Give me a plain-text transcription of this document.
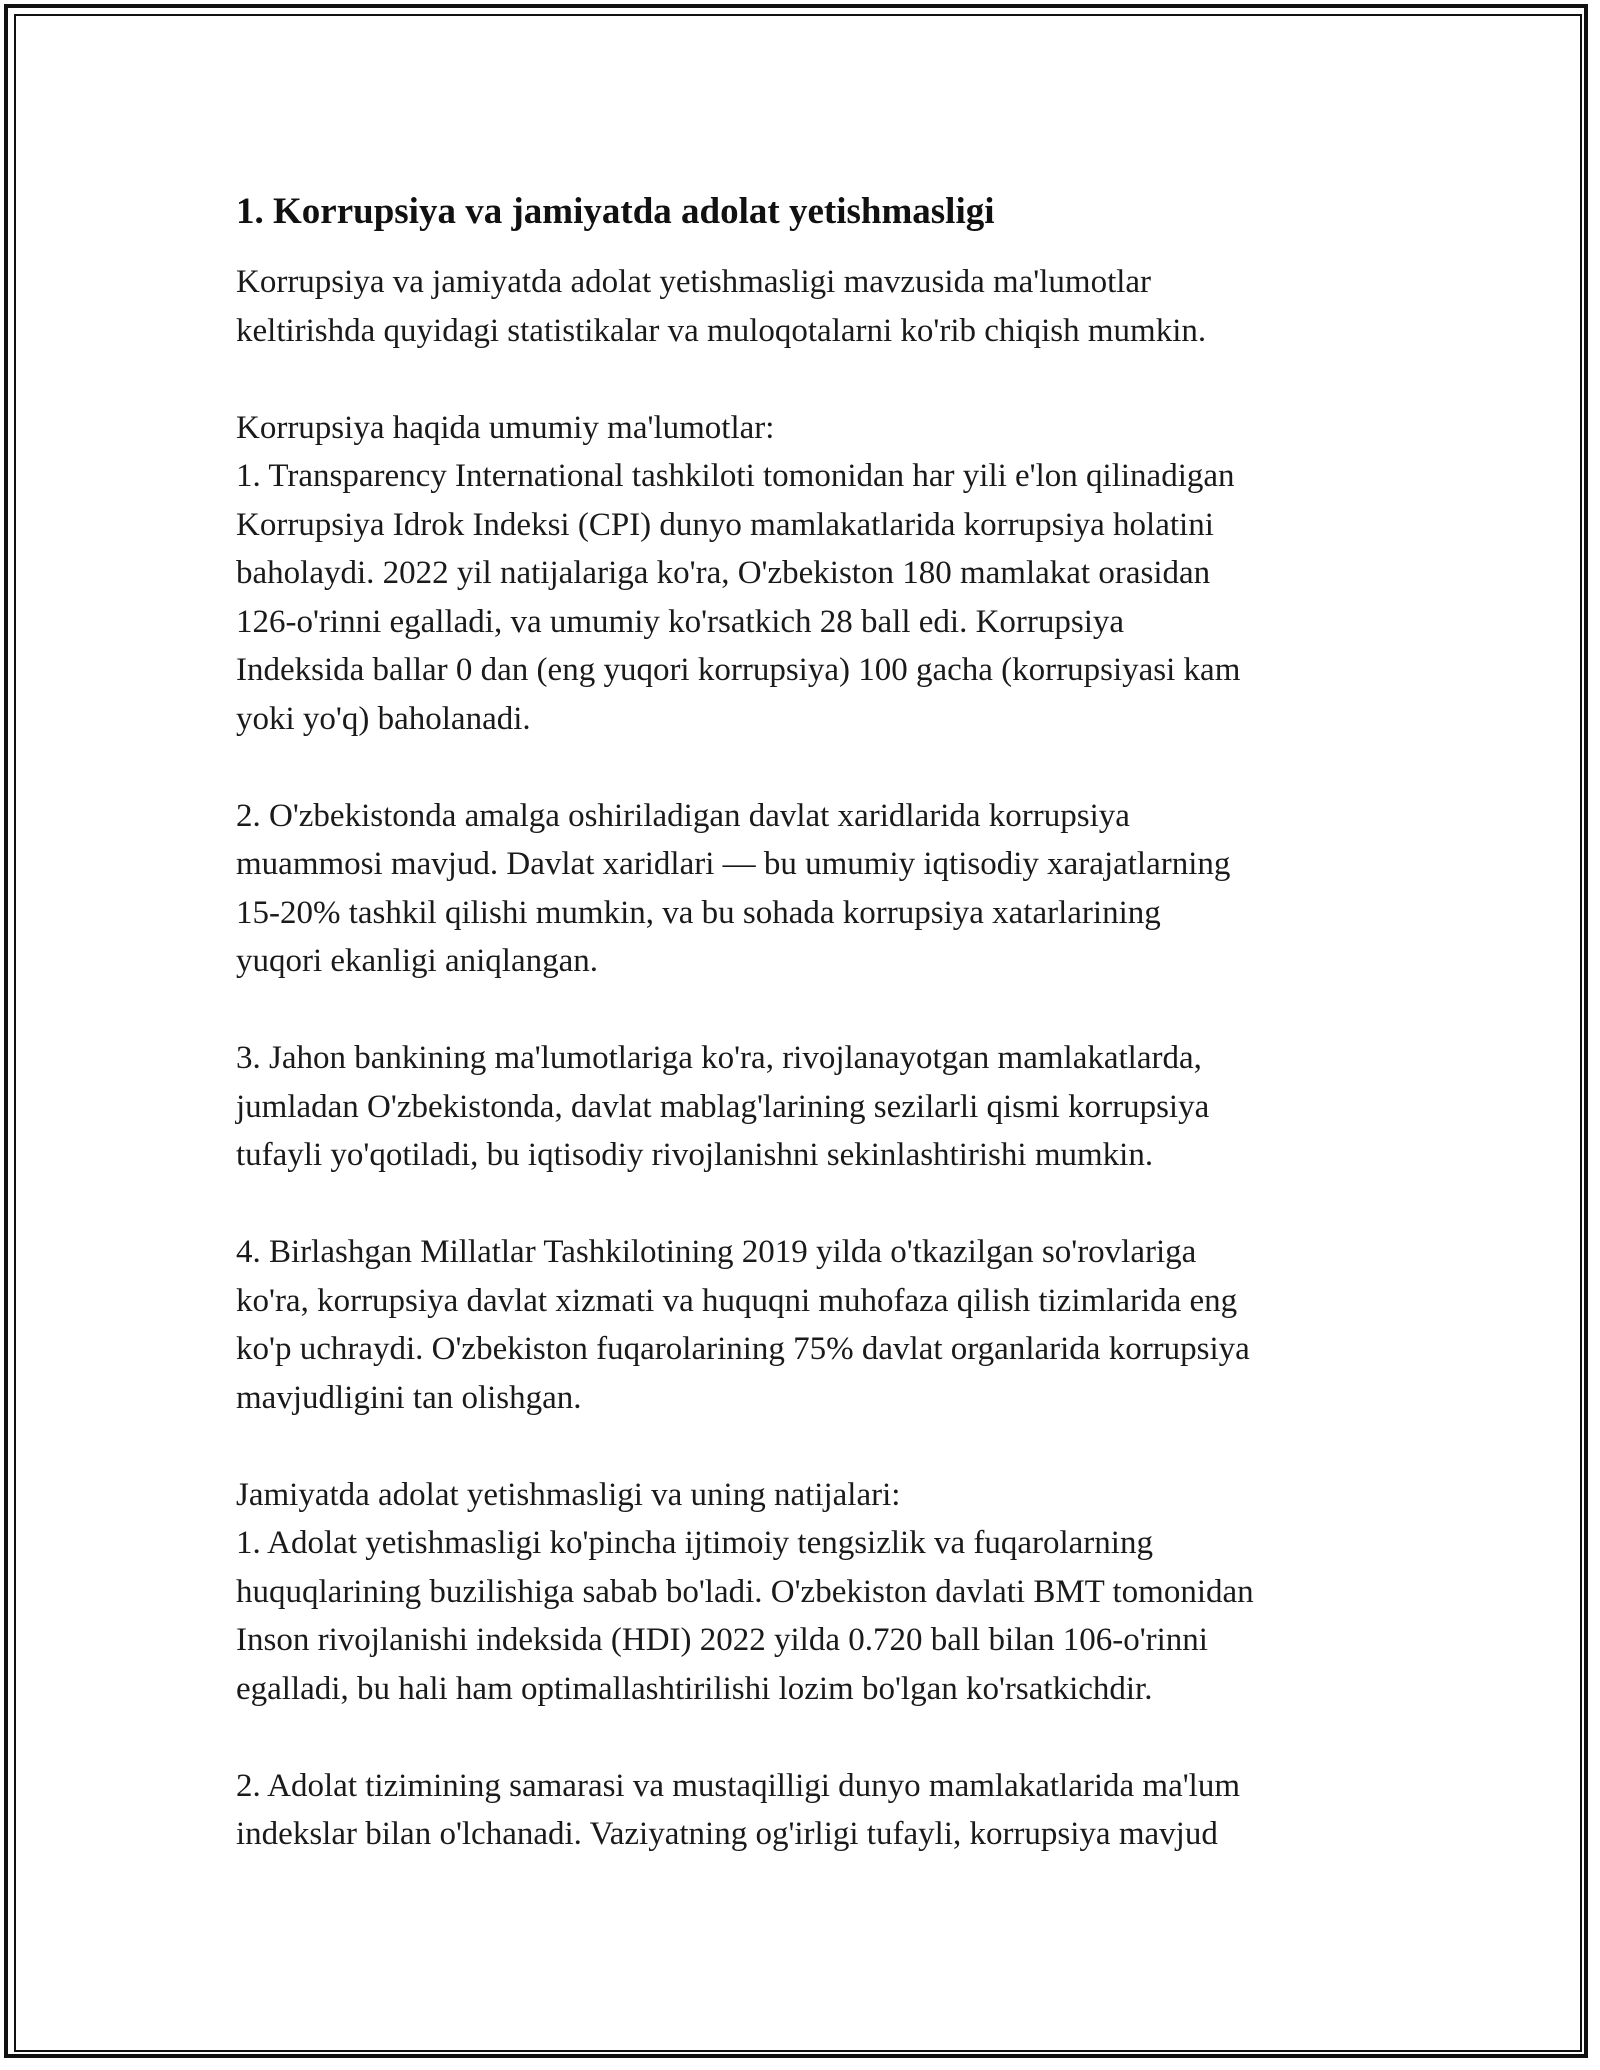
1. Korrupsiya va jamiyatda adolat yetishmasligi

Korrupsiya va jamiyatda adolat yetishmasligi mavzusida ma'lumotlar
keltirishda quyidagi statistikalar va muloqotalarni ko'rib chiqish mumkin.

Korrupsiya haqida umumiy ma'lumotlar:
1. Transparency International tashkiloti tomonidan har yili e'lon qilinadigan
Korrupsiya Idrok Indeksi (CPI) dunyo mamlakatlarida korrupsiya holatini
baholaydi. 2022 yil natijalariga ko'ra, O'zbekiston 180 mamlakat orasidan
126-o'rinni egalladi, va umumiy ko'rsatkich 28 ball edi. Korrupsiya
Indeksida ballar 0 dan (eng yuqori korrupsiya) 100 gacha (korrupsiyasi kam
yoki yo'q) baholanadi.

2. O'zbekistonda amalga oshiriladigan davlat xaridlarida korrupsiya
muammosi mavjud. Davlat xaridlari — bu umumiy iqtisodiy xarajatlarning
15-20% tashkil qilishi mumkin, va bu sohada korrupsiya xatarlarining
yuqori ekanligi aniqlangan.

3. Jahon bankining ma'lumotlariga ko'ra, rivojlanayotgan mamlakatlarda,
jumladan O'zbekistonda, davlat mablag'larining sezilarli qismi korrupsiya
tufayli yo'qotiladi, bu iqtisodiy rivojlanishni sekinlashtirishi mumkin.

4. Birlashgan Millatlar Tashkilotining 2019 yilda o'tkazilgan so'rovlariga
ko'ra, korrupsiya davlat xizmati va huquqni muhofaza qilish tizimlarida eng
ko'p uchraydi. O'zbekiston fuqarolarining 75% davlat organlarida korrupsiya
mavjudligini tan olishgan.

Jamiyatda adolat yetishmasligi va uning natijalari:
1. Adolat yetishmasligi ko'pincha ijtimoiy tengsizlik va fuqarolarning
huquqlarining buzilishiga sabab bo'ladi. O'zbekiston davlati BMT tomonidan
Inson rivojlanishi indeksida (HDI) 2022 yilda 0.720 ball bilan 106-o'rinni
egalladi, bu hali ham optimallashtirilishi lozim bo'lgan ko'rsatkichdir.

2. Adolat tizimining samarasi va mustaqilligi dunyo mamlakatlarida ma'lum
indekslar bilan o'lchanadi. Vaziyatning og'irligi tufayli, korrupsiya mavjud
